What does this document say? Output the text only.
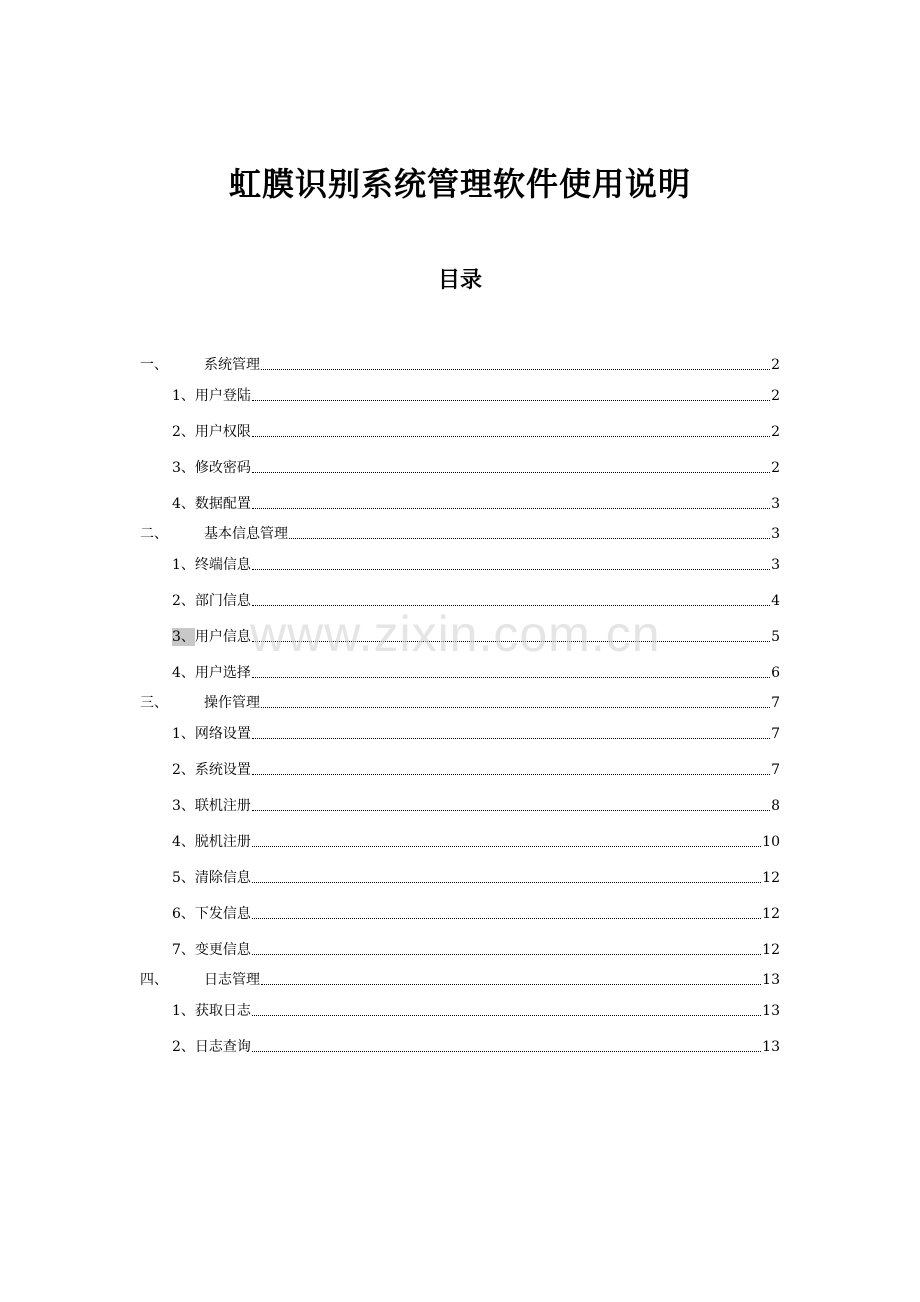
虹膜识别系统管理软件使用说明
目录
一、	系统管理	2
1、 用户登陆	2
2、 用户权限	2
3、 修改密码	2
4、 数据配置	3
二、	基本信息管理	3
1、 终端信息	3
2、 部门信息	4
3、 用户信息	5
4、 用户选择	6
三、	操作管理	7
1、 网络设置	7
2、 系统设置	7
3、 联机注册	8
4、 脱机注册	10
5、 清除信息	12
6、 下发信息	12
7、 变更信息	12
四、	日志管理	13
1、 获取日志	13
2、 日志查询	13
www.zixin.com.cn
